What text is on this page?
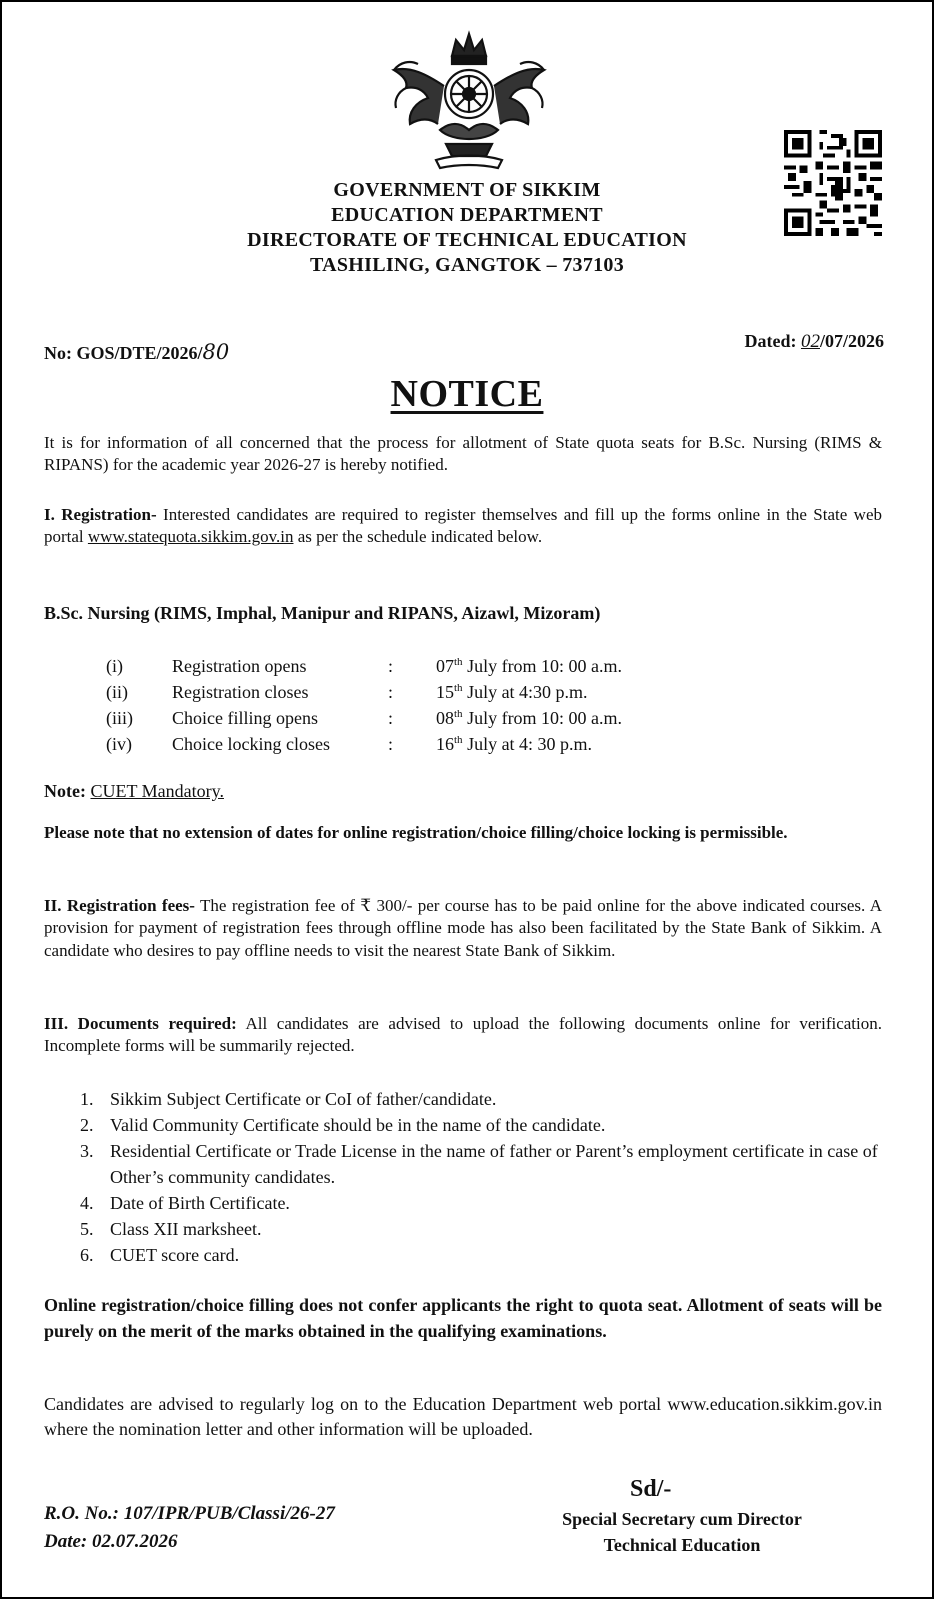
GOVERNMENT OF SIKKIM
EDUCATION DEPARTMENT
DIRECTORATE OF TECHNICAL EDUCATION
TASHILING, GANGTOK – 737103
No: GOS/DTE/2026/80	Dated: 02/07/2026
NOTICE
It is for information of all concerned that the process for allotment of State quota seats for B.Sc. Nursing (RIMS & RIPANS) for the academic year 2026-27 is hereby notified.
I. Registration- Interested candidates are required to register themselves and fill up the forms online in the State web portal www.statequota.sikkim.gov.in as per the schedule indicated below.
B.Sc. Nursing (RIMS, Imphal, Manipur and RIPANS, Aizawl, Mizoram)
(i)	Registration opens	:	07th July from 10: 00 a.m.
(ii)	Registration closes	:	15th July at 4:30 p.m.
(iii)	Choice filling opens	:	08th July from 10: 00 a.m.
(iv)	Choice locking closes	:	16th July at 4: 30 p.m.
Note: CUET Mandatory.
Please note that no extension of dates for online registration/choice filling/choice locking is permissible.
II. Registration fees- The registration fee of ₹ 300/- per course has to be paid online for the above indicated courses. A provision for payment of registration fees through offline mode has also been facilitated by the State Bank of Sikkim. A candidate who desires to pay offline needs to visit the nearest State Bank of Sikkim.
III. Documents required: All candidates are advised to upload the following documents online for verification. Incomplete forms will be summarily rejected.
1. Sikkim Subject Certificate or CoI of father/candidate.
2. Valid Community Certificate should be in the name of the candidate.
3. Residential Certificate or Trade License in the name of father or Parent’s employment certificate in case of Other’s community candidates.
4. Date of Birth Certificate.
5. Class XII marksheet.
6. CUET score card.
Online registration/choice filling does not confer applicants the right to quota seat. Allotment of seats will be purely on the merit of the marks obtained in the qualifying examinations.
Candidates are advised to regularly log on to the Education Department web portal www.education.sikkim.gov.in where the nomination letter and other information will be uploaded.
Sd/-
Special Secretary cum Director
Technical Education
R.O. No.: 107/IPR/PUB/Classi/26-27
Date: 02.07.2026
